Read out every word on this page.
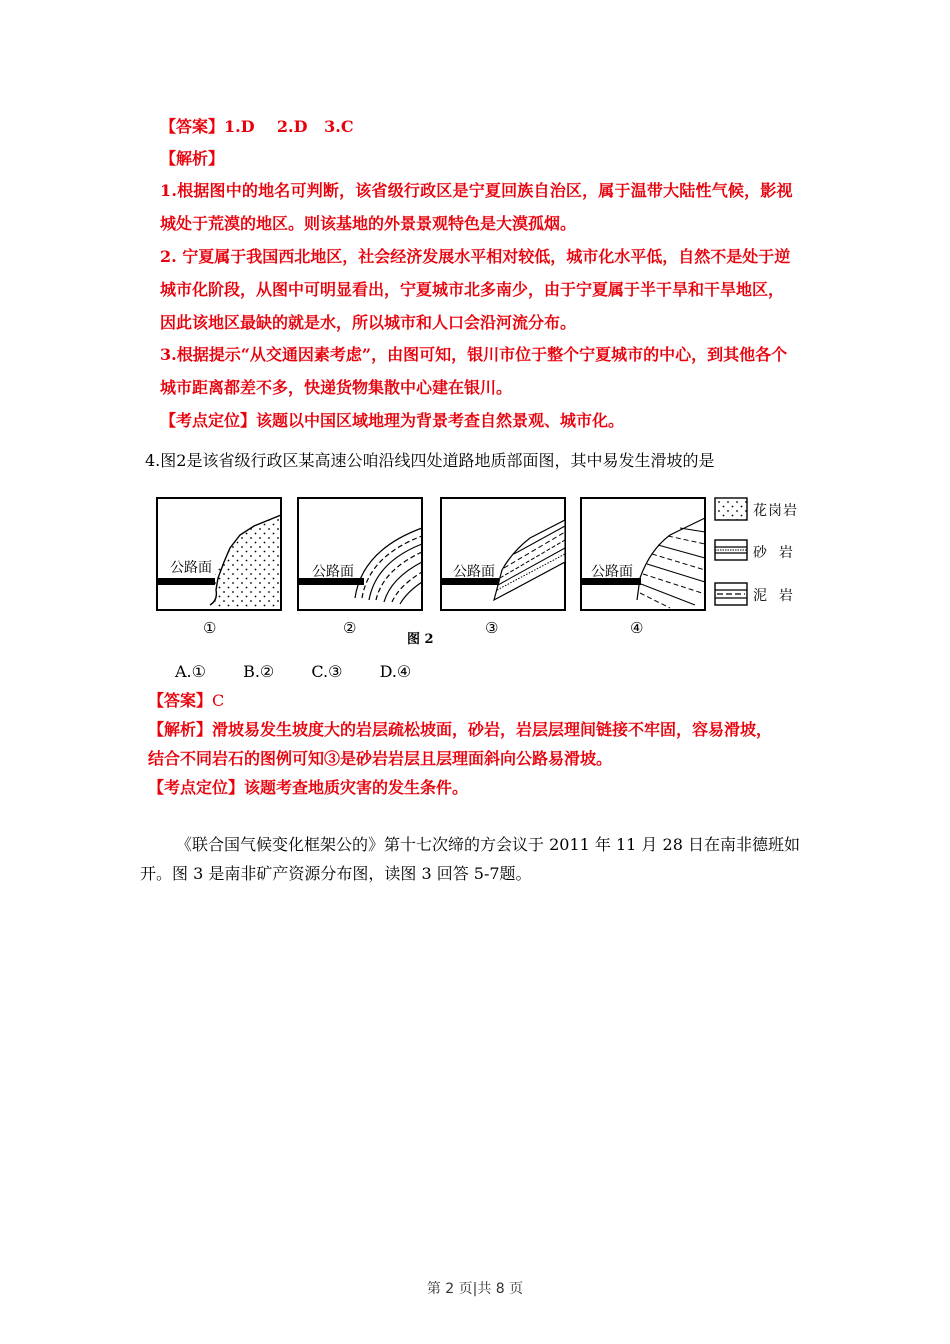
【答案】1.D    2.D   3.C
【解析】
1.根据图中的地名可判断，该省级行政区是宁夏回族自治区，属于温带大陆性气候，影视
城处于荒漠的地区。则该基地的外景景观特色是大漠孤烟。
2. 宁夏属于我国西北地区，社会经济发展水平相对较低，城市化水平低，自然不是处于逆
城市化阶段，从图中可明显看出，宁夏城市北多南少，由于宁夏属于半干旱和干旱地区，
因此该地区最缺的就是水，所以城市和人口会沿河流分布。
3.根据提示“从交通因素考虑”，由图可知，银川市位于整个宁夏城市的中心，到其他各个
城市距离都差不多，快递货物集散中心建在银川。
【考点定位】该题以中国区域地理为背景考查自然景观、城市化。
4.图2是该省级行政区某高速公咱沿线四处道路地质部面图，其中易发生滑坡的是
公路面	公路面	公路面	公路面
花岗岩
砂  岩
泥  岩
①	②	③	④
图 2
A.① B.② C.③ D.④
【答案】C
【解析】滑坡易发生坡度大的岩层疏松坡面，砂岩，岩层层理间链接不牢固，容易滑坡，
结合不同岩石的图例可知③是砂岩岩层且层理面斜向公路易滑坡。
【考点定位】该题考查地质灾害的发生条件。
《联合国气候变化框架公的》第十七次缔的方会议于 2011 年 11 月 28 日在南非德班如
开。图 3 是南非矿产资源分布图，读图 3 回答 5-7题。
第 2 页|共 8 页
